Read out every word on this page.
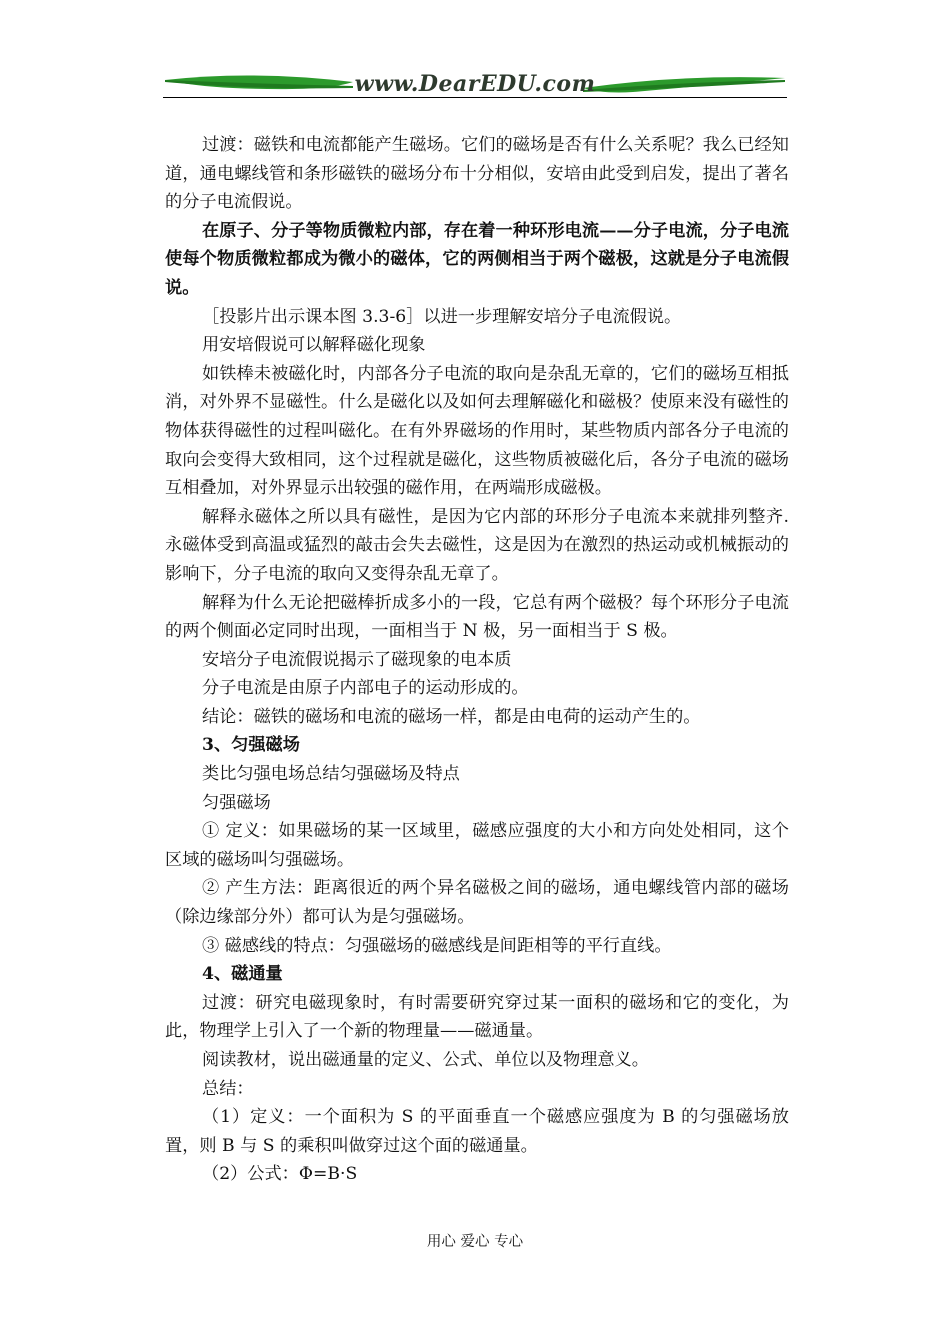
www.DearEDU.com

过渡：磁铁和电流都能产生磁场。它们的磁场是否有什么关系呢？我么已经知道，通电螺线管和条形磁铁的磁场分布十分相似，安培由此受到启发，提出了著名的分子电流假说。

在原子、分子等物质微粒内部，存在着一种环形电流——分子电流，分子电流使每个物质微粒都成为微小的磁体，它的两侧相当于两个磁极，这就是分子电流假说。

［投影片出示课本图 3.3-6］以进一步理解安培分子电流假说。

用安培假说可以解释磁化现象

如铁棒未被磁化时，内部各分子电流的取向是杂乱无章的，它们的磁场互相抵消，对外界不显磁性。什么是磁化以及如何去理解磁化和磁极？使原来没有磁性的物体获得磁性的过程叫磁化。在有外界磁场的作用时，某些物质内部各分子电流的取向会变得大致相同，这个过程就是磁化，这些物质被磁化后，各分子电流的磁场互相叠加，对外界显示出较强的磁作用，在两端形成磁极。

解释永磁体之所以具有磁性，是因为它内部的环形分子电流本来就排列整齐.永磁体受到高温或猛烈的敲击会失去磁性，这是因为在激烈的热运动或机械振动的影响下，分子电流的取向又变得杂乱无章了。

解释为什么无论把磁棒折成多小的一段，它总有两个磁极？每个环形分子电流的两个侧面必定同时出现，一面相当于 N 极，另一面相当于 S 极。

安培分子电流假说揭示了磁现象的电本质

分子电流是由原子内部电子的运动形成的。

结论：磁铁的磁场和电流的磁场一样，都是由电荷的运动产生的。

3、匀强磁场

类比匀强电场总结匀强磁场及特点

匀强磁场

① 定义：如果磁场的某一区域里，磁感应强度的大小和方向处处相同，这个区域的磁场叫匀强磁场。

② 产生方法：距离很近的两个异名磁极之间的磁场，通电螺线管内部的磁场（除边缘部分外）都可认为是匀强磁场。

③ 磁感线的特点：匀强磁场的磁感线是间距相等的平行直线。

4、磁通量

过渡：研究电磁现象时，有时需要研究穿过某一面积的磁场和它的变化，为此，物理学上引入了一个新的物理量——磁通量。

阅读教材，说出磁通量的定义、公式、单位以及物理意义。

总结：

（1）定义：一个面积为 S 的平面垂直一个磁感应强度为 B 的匀强磁场放置，则 B 与 S 的乘积叫做穿过这个面的磁通量。

（2）公式：Φ=B·S

用心 爱心 专心
